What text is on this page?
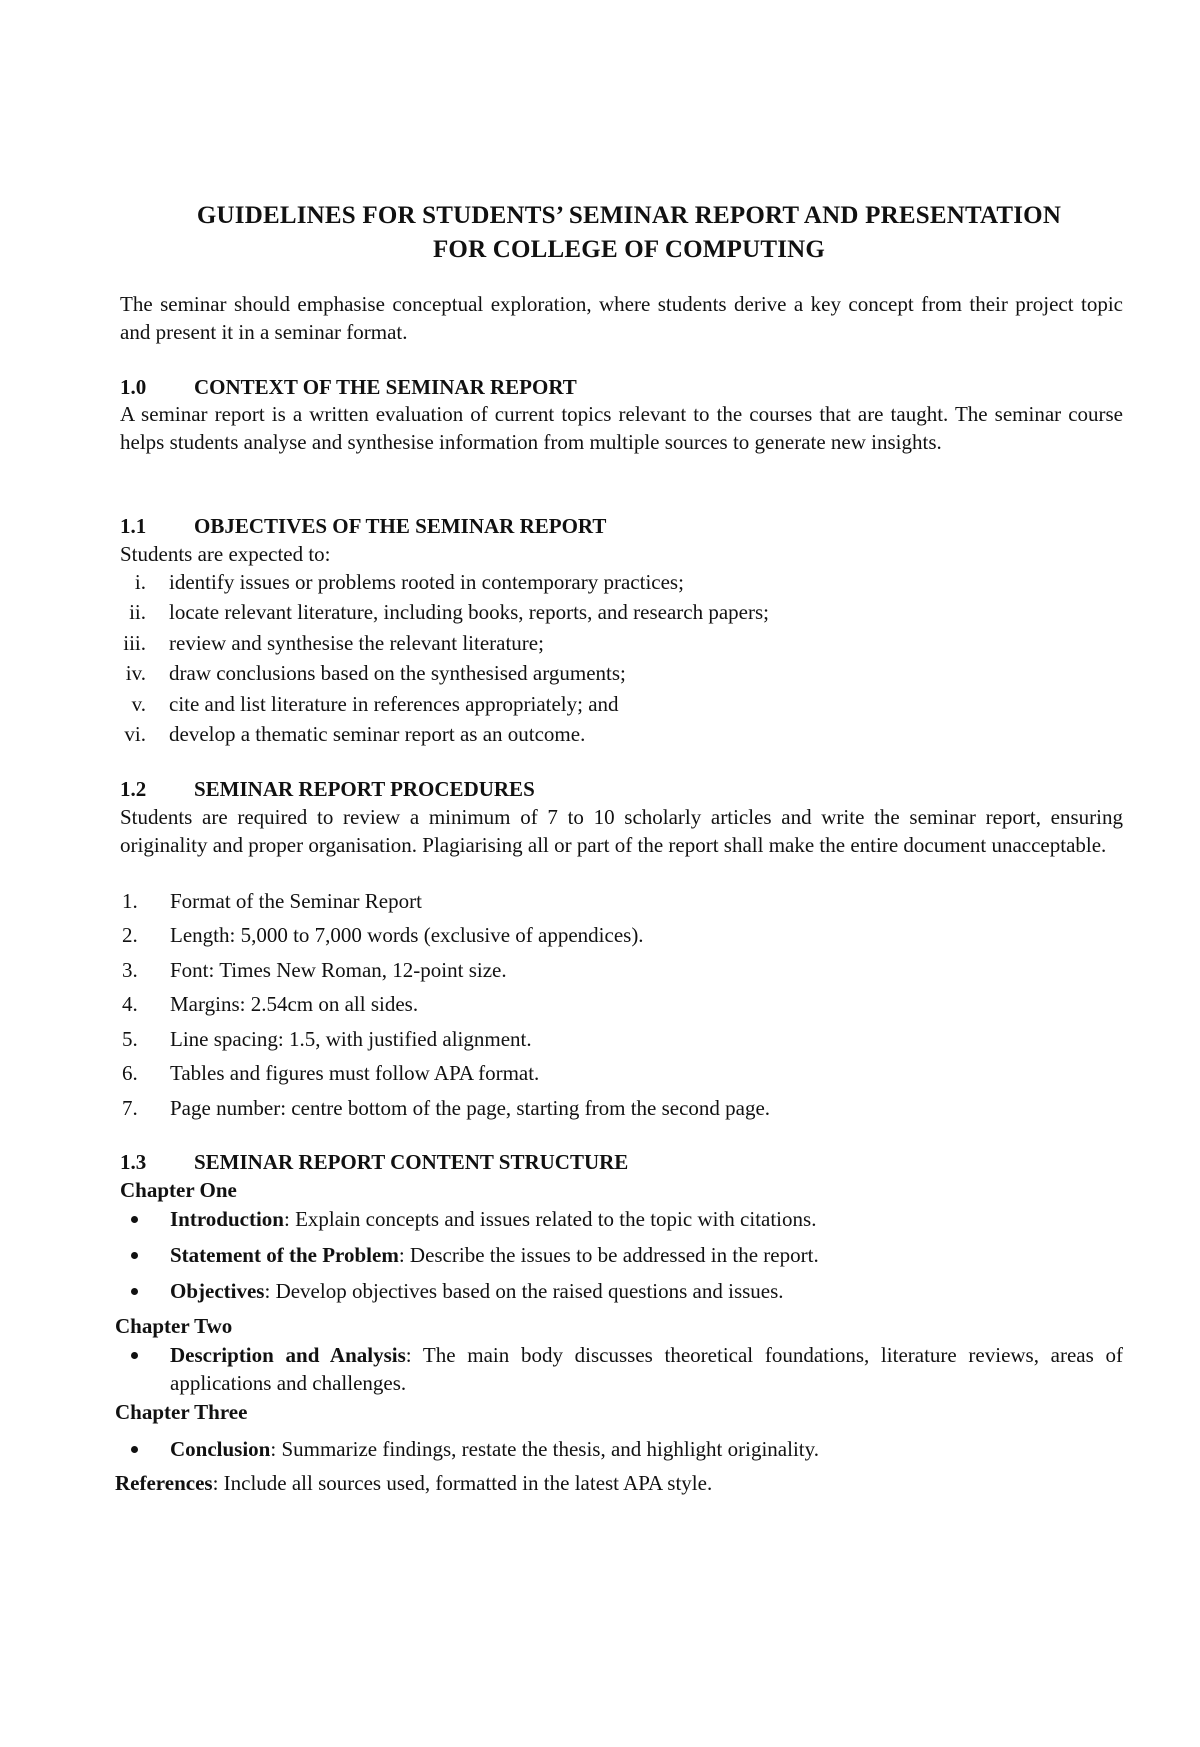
GUIDELINES FOR STUDENTS’ SEMINAR REPORT AND PRESENTATION
FOR COLLEGE OF COMPUTING
The seminar should emphasise conceptual exploration, where students derive a key concept from their project topic and present it in a seminar format.
1.0 CONTEXT OF THE SEMINAR REPORT
A seminar report is a written evaluation of current topics relevant to the courses that are taught. The seminar course helps students analyse and synthesise information from multiple sources to generate new insights.
1.1 OBJECTIVES OF THE SEMINAR REPORT
Students are expected to:
i. identify issues or problems rooted in contemporary practices;
ii. locate relevant literature, including books, reports, and research papers;
iii. review and synthesise the relevant literature;
iv. draw conclusions based on the synthesised arguments;
v. cite and list literature in references appropriately; and
vi. develop a thematic seminar report as an outcome.
1.2 SEMINAR REPORT PROCEDURES
Students are required to review a minimum of 7 to 10 scholarly articles and write the seminar report, ensuring originality and proper organisation. Plagiarising all or part of the report shall make the entire document unacceptable.
1. Format of the Seminar Report
2. Length: 5,000 to 7,000 words (exclusive of appendices).
3. Font: Times New Roman, 12-point size.
4. Margins: 2.54cm on all sides.
5. Line spacing: 1.5, with justified alignment.
6. Tables and figures must follow APA format.
7. Page number: centre bottom of the page, starting from the second page.
1.3 SEMINAR REPORT CONTENT STRUCTURE
Chapter One
Introduction: Explain concepts and issues related to the topic with citations.
Statement of the Problem: Describe the issues to be addressed in the report.
Objectives: Develop objectives based on the raised questions and issues.
Chapter Two
Description and Analysis: The main body discusses theoretical foundations, literature reviews, areas of applications and challenges.
Chapter Three
Conclusion: Summarize findings, restate the thesis, and highlight originality.
References: Include all sources used, formatted in the latest APA style.
